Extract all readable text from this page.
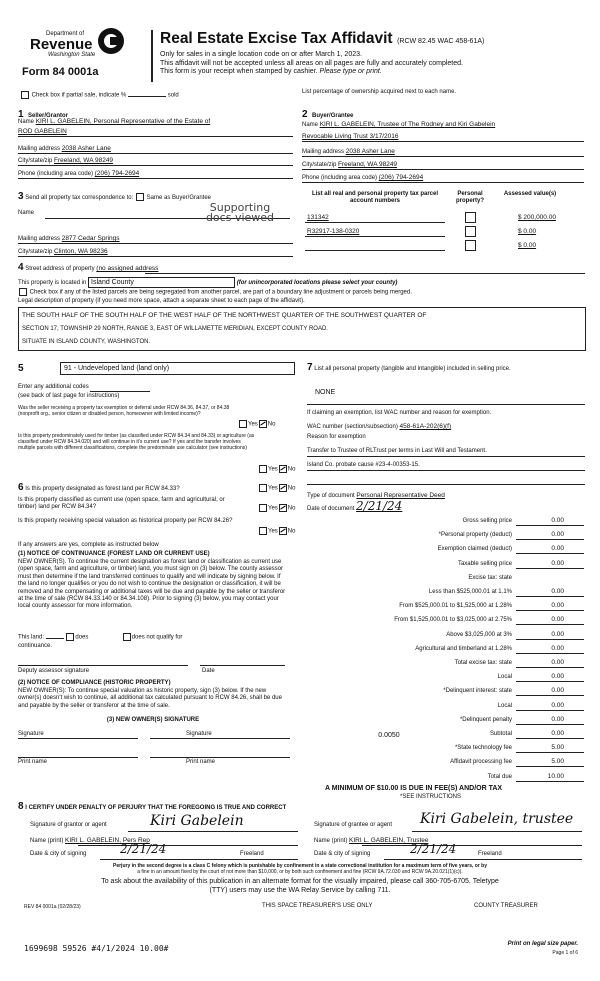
Department of
Revenue
Washington State
Form 84 0001a
Real Estate Excise Tax Affidavit (RCW 82.45 WAC 458-61A)
Only for sales in a single location code on or after March 1, 2023.
This affidavit will not be accepted unless all areas on all pages are fully and accurately completed.
This form is your receipt when stamped by cashier. Please type or print.
Check box if partial sale, indicate %	sold
List percentage of ownership acquired next to each name.
1 Seller/Grantor
Name KIRI L. GABELEIN, Personal Representative of the Estate of
ROD GABELEIN
Mailing address 2038 Asher Lane
City/state/zip Freeland, WA 98249
Phone (including area code) (206) 794-2694
2 Buyer/Grantee
Name KIRI L. GABELEIN, Trustee of The Rodney and Kiri Gabelein
Revocable Living Trust 3/17/2016
Mailing address 2038 Asher Lane
City/state/zip Freeland, WA 98249
Phone (including area code) (206) 794-2694
3 Send all property tax correspondence to: Same as Buyer/Grantee
Name	Supporting docs viewed
Mailing address 2877 Cedar Springs
City/state/zip Clinton, WA 98236
List all real and personal property tax parcel account numbers
Personal property?
Assessed value(s)
131342	$ 200,000.00
R32917-138-0320	$ 0.00
$ 0.00
4 Street address of property (no assigned address
This property is located in Island County	(for unincorporated locations please select your county)
Check box if any of the listed parcels are being segregated from another parcel, are part of a boundary line adjustment or parcels being merged.
Legal description of property (if you need more space, attach a separate sheet to each page of the affidavit).
THE SOUTH HALF OF THE SOUTH HALF OF THE WEST HALF OF THE NORTHWEST QUARTER OF THE SOUTHWEST QUARTER OF
SECTION 17, TOWNSHIP 29 NORTH, RANGE 3, EAST OF WILLAMETTE MERIDIAN, EXCEPT COUNTY ROAD.
SITUATE IN ISLAND COUNTY, WASHINGTON.
5	91 - Undeveloped land (land only)
Enter any additional codes
(see back of last page for instructions)
Was the seller receiving a property tax exemption or deferral under RCW 84.36, 84.37, or 84.38 (nonprofit org., senior citizen or disabled person, homeowner with limited income)?
Yes No
Is this property predominately used for timber (as classified under RCW 84.34 and 84.33) or agriculture (as classified under RCW 84.34.020) and will continue in it's current use? If yes and the transfer involves multiple parcels with different classifications, complete the predominate use calculator (see instructions)
Yes No
6 Is this property designated as forest land per RCW 84.33?	Yes No
Is this property classified as current use (open space, farm and agricultural, or timber) land per RCW 84.34?	Yes No
Is this property receiving special valuation as historical property per RCW 84.26?
Yes No
If any answers are yes, complete as instructed below
(1) NOTICE OF CONTINUANCE (FOREST LAND OR CURRENT USE)
NEW OWNER(S). To continue the current designation as forest land or classification as current use (open space, farm and agriculture, or timber) land, you must sign on (3) below. The county assessor must then determine if the land transferred continues to qualify and will indicate by signing below. If the land no longer qualifies or you do not wish to continue the designation or classification, it will be removed and the compensating or additional taxes will be due and payable by the seller or transferor at the time of sale (RCW 84.33.140 or 84.34.108). Prior to signing (3) below, you may contact your local county assessor for more information.
This land:	does	does not qualify for
continuance.
Deputy assessor signature	Date
(2) NOTICE OF COMPLIANCE (HISTORIC PROPERTY)
NEW OWNER(S): To continue special valuation as historic property, sign (3) below. If the new owner(s) doesn't wish to continue, all additional tax calculated pursuant to RCW 84.26, shall be due and payable by the seller or transferor at the time of sale.
(3) NEW OWNER(S) SIGNATURE
Signature	Signature
Print name	Print name
7 List all personal property (tangible and intangible) included in selling price.
NONE
If claiming an exemption, list WAC number and reason for exemption.
WAC number (section/subsection) 458-61A-202(6)(f)
Reason for exemption
Transfer to Trustee of RLTrust per terms in Last Will and Testament.
Island Co. probate cause #23-4-00353-15.
Type of document Personal Representative Deed
Date of document 2/21/24
Gross selling price	0.00
*Personal property (deduct)	0.00
Exemption claimed (deduct)	0.00
Taxable selling price	0.00
Excise tax: state
Less than $525,000.01 at 1.1%	0.00
From $525,000.01 to $1,525,000 at 1.28%	0.00
From $1,525,000.01 to $3,025,000 at 2.75%	0.00
Above $3,025,000 at 3%	0.00
Agricultural and timberland at 1.28%	0.00
Total excise tax: state	0.00
Local	0.00
*Delinquent interest: state	0.00
Local	0.00
*Delinquent penalty	0.00
Subtotal	0.00
*State technology fee	5.00
Affidavit processing fee	5.00
Total due	10.00
0.0050
A MINIMUM OF $10.00 IS DUE IN FEE(S) AND/OR TAX
*SEE INSTRUCTIONS
8 I CERTIFY UNDER PENALTY OF PERJURY THAT THE FOREGOING IS TRUE AND CORRECT
Signature of grantor or agent	Kiri Gabelein	Signature of grantee or agent Kiri Gabelein, trustee
Name (print) KIRI L. GABELEIN, Pers Rep	Name (print) KIRI L. GABELEIN, Trustee
Date & city of signing	2/21/24	Freeland	Date & city of signing	2/21/24	Freeland
Perjury in the second degree is a class C felony which is punishable by confinement in a state correctional institution for a maximum term of five years, or by
a fine in an amount fixed by the court of not more than $10,000, or by both such confinement and fine (RCW 9A.72.030 and RCW 9A.20.021(1)(c)).
To ask about the availability of this publication in an alternate format for the visually impaired, please call 360-705-6705. Teletype
(TTY) users may use the WA Relay Service by calling 711.
REV 84 0001a (02/28/23)	THIS SPACE TREASURER'S USE ONLY	COUNTY TREASURER
1699698 59526 #4/1/2024 10.00#	Print on legal size paper.
Page 1 of 6
